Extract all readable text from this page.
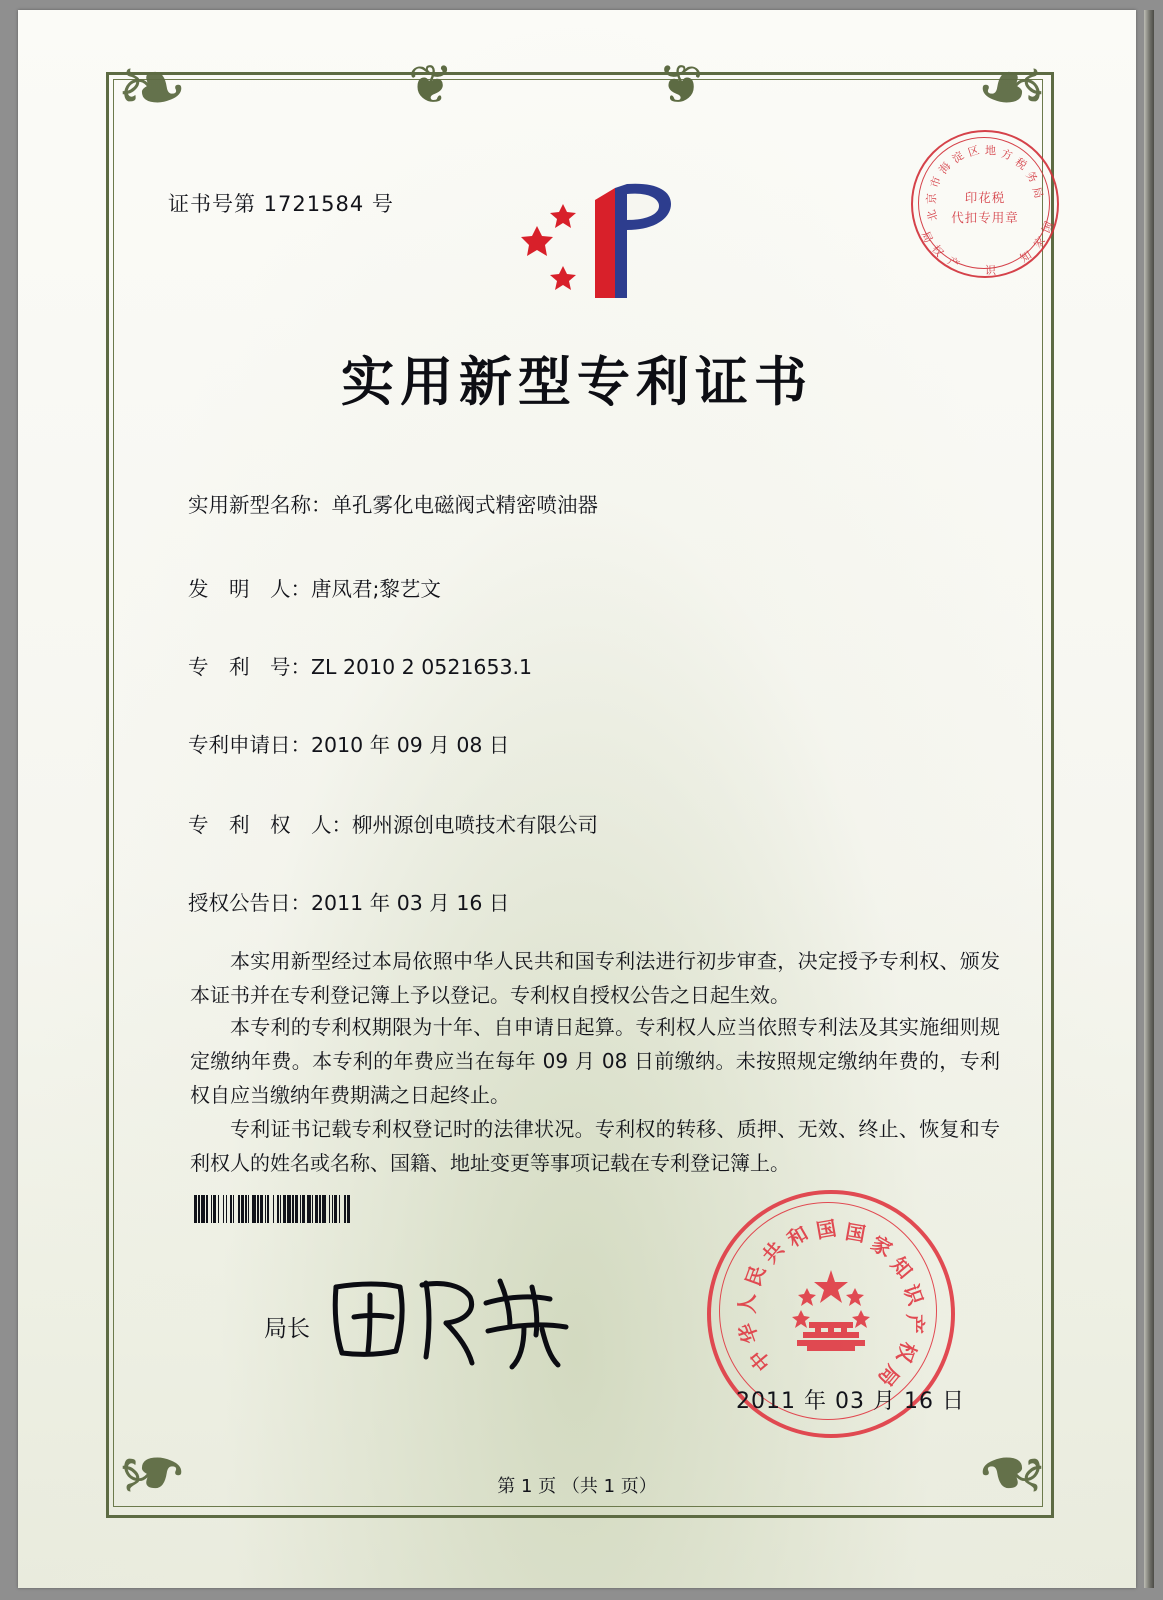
❧	❧
❧	❧
❦	❦
证书号第 1721584 号	北
京
市
海
淀 区 地 方
税
务
局
国
家
知
识
产
权
局
印花税
代扣专用章
实用新型专利证书
实用新型名称：单孔雾化电磁阀式精密喷油器
发　明　人：唐凤君;黎艺文
专　利　号：ZL 2010 2 0521653.1
专利申请日：2010 年 09 月 08 日
专　利　权　人：柳州源创电喷技术有限公司
授权公告日：2011 年 03 月 16 日
本实用新型经过本局依照中华人民共和国专利法进行初步审查，决定授予专利权、颁发本证书并在专利登记簿上予以登记。专利权自授权公告之日起生效。
本专利的专利权期限为十年、自申请日起算。专利权人应当依照专利法及其实施细则规定缴纳年费。本专利的年费应当在每年 09 月 08 日前缴纳。未按照规定缴纳年费的，专利权自应当缴纳年费期满之日起终止。
专利证书记载专利权登记时的法律状况。专利权的转移、质押、无效、终止、恢复和专利权人的姓名或名称、国籍、地址变更等事项记载在专利登记簿上。
局长
中
华
人
民
共
和 国 国 家
知
识
产
权
局
2011 年 03 月 16 日
第 1 页 （共 1 页）
